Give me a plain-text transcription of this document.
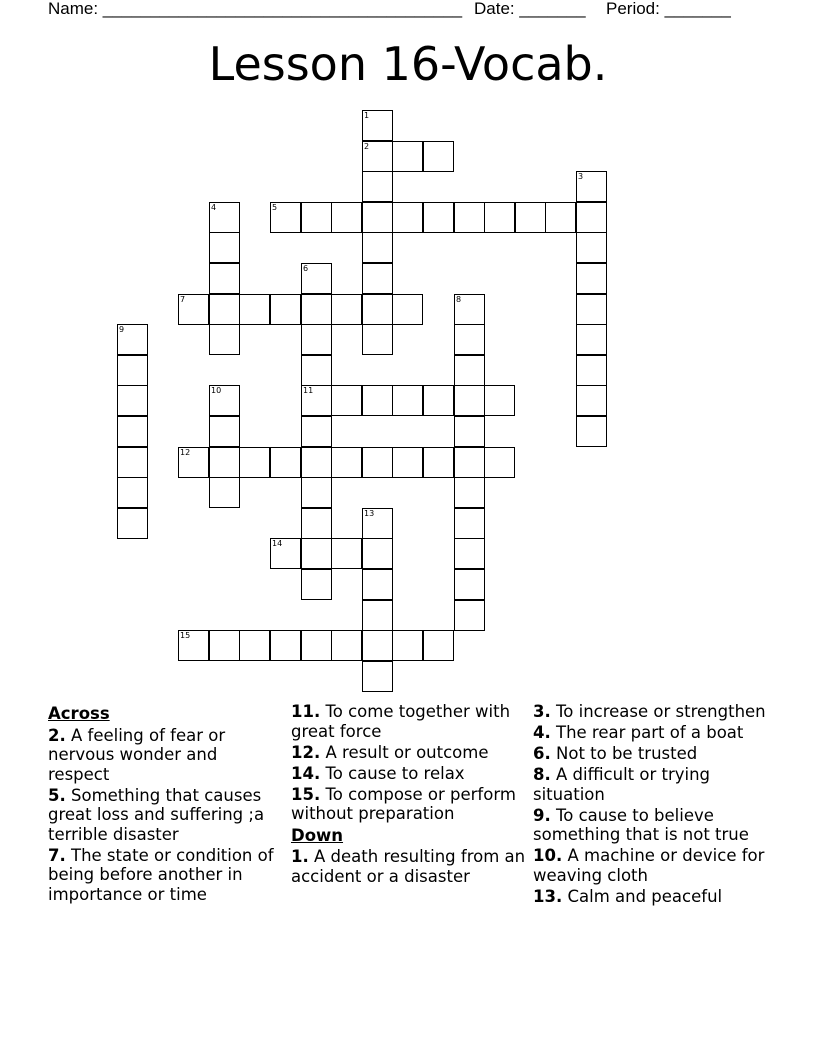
Name: ______________________________________ Date: _______ Period: _______
Lesson 16-Vocab.
1
2
3
4	5
6
7	8
9
10	11
12
13
14
15
Across
2. A feeling of fear or nervous wonder and respect
5. Something that causes great loss and suffering ;a terrible disaster
7. The state or condition of being before another in importance or time
11. To come together with great force
12. A result or outcome
14. To cause to relax
15. To compose or perform without preparation
Down
1. A death resulting from an accident or a disaster
3. To increase or strengthen
4. The rear part of a boat
6. Not to be trusted
8. A difficult or trying situation
9. To cause to believe something that is not true
10. A machine or device for weaving cloth
13. Calm and peaceful
